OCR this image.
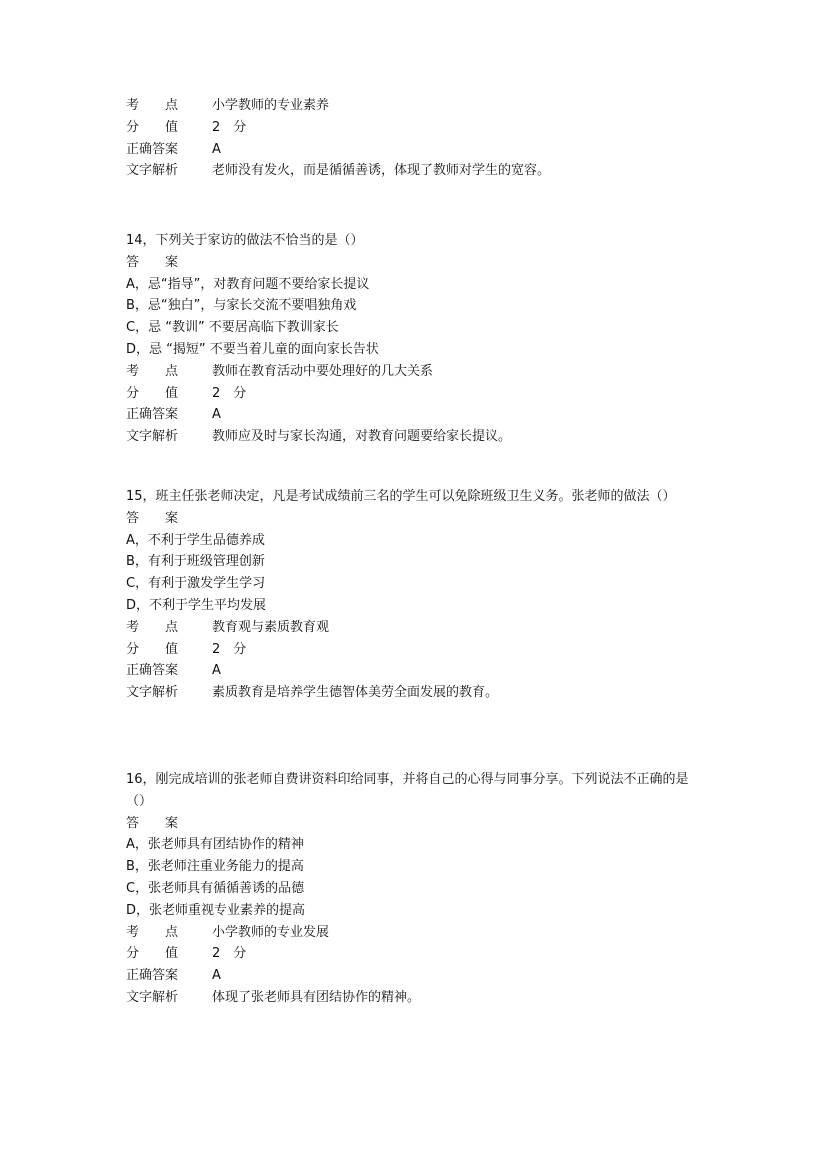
考　　点	小学教师的专业素养
分　　值	2　分
正确答案	A
文字解析	老师没有发火，而是循循善诱，体现了教师对学生的宽容。
14，下列关于家访的做法不恰当的是（）
答　　案
A，忌“指导”，对教育问题不要给家长提议
B，忌“独白”，与家长交流不要唱独角戏
C，忌 “教训” 不要居高临下教训家长
D，忌 “揭短” 不要当着儿童的面向家长告状
考　　点	教师在教育活动中要处理好的几大关系
分　　值	2　分
正确答案	A
文字解析	教师应及时与家长沟通，对教育问题要给家长提议。
15，班主任张老师决定，凡是考试成绩前三名的学生可以免除班级卫生义务。张老师的做法（）
答　　案
A，不利于学生品德养成
B，有利于班级管理创新
C，有利于激发学生学习
D，不利于学生平均发展
考　　点	教育观与素质教育观
分　　值	2　分
正确答案	A
文字解析	素质教育是培养学生德智体美劳全面发展的教育。
16，刚完成培训的张老师自费讲资料印给同事，并将自己的心得与同事分享。下列说法不正确的是（）
答　　案
A，张老师具有团结协作的精神
B，张老师注重业务能力的提高
C，张老师具有循循善诱的品德
D，张老师重视专业素养的提高
考　　点	小学教师的专业发展
分　　值	2　分
正确答案	A
文字解析	体现了张老师具有团结协作的精神。
